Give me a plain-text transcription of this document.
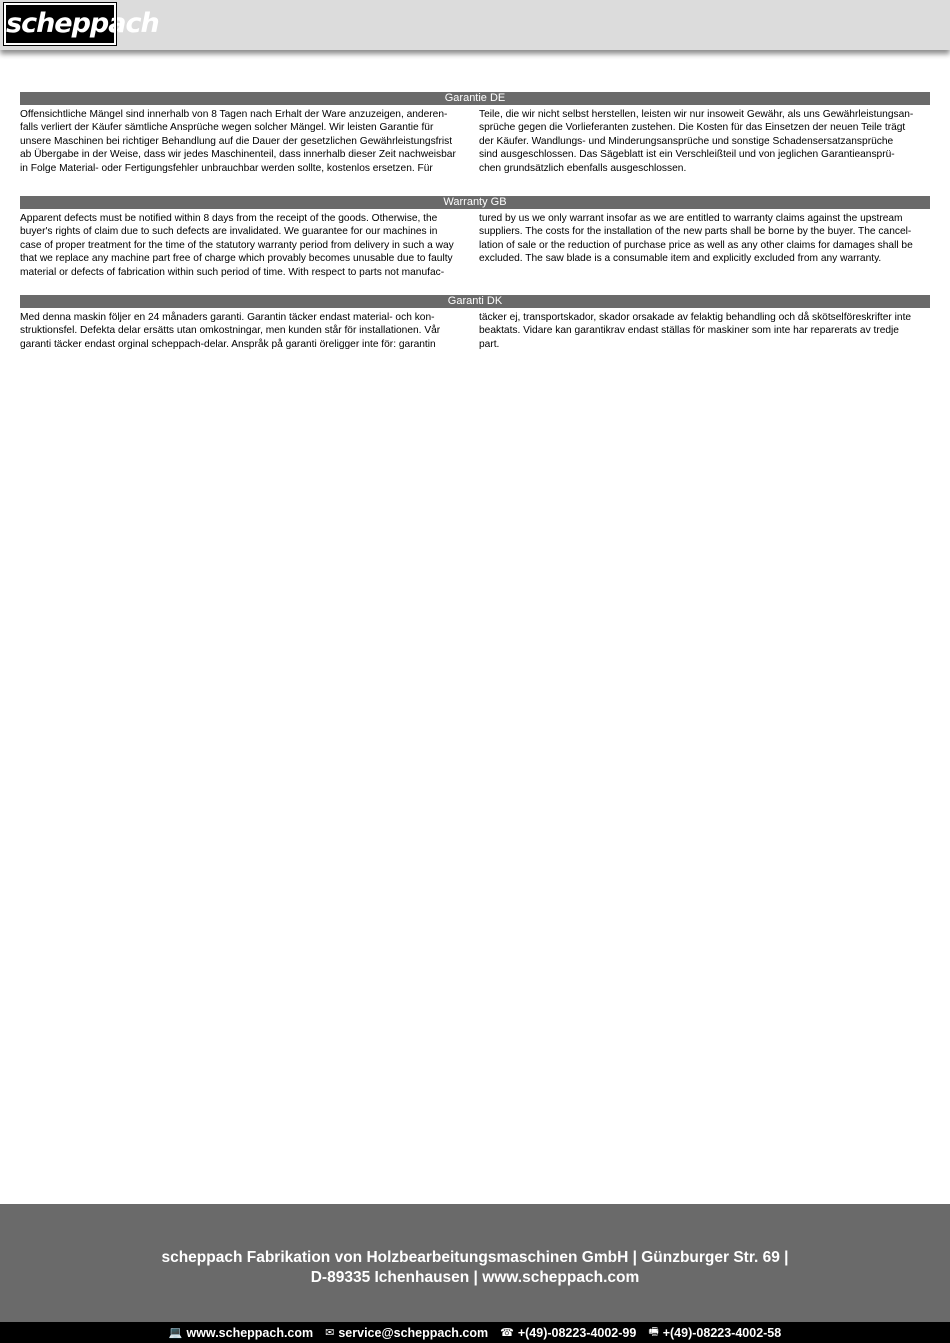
scheppach
Garantie DE
Offensichtliche Mängel sind innerhalb von 8 Tagen nach Erhalt der Ware anzuzeigen, anderen-
falls verliert der Käufer sämtliche Ansprüche wegen solcher Mängel. Wir leisten Garantie für
unsere Maschinen bei richtiger Behandlung auf die Dauer der gesetzlichen Gewährleistungsfrist
ab Übergabe in der Weise, dass wir jedes Maschinenteil, dass innerhalb dieser Zeit nachweisbar
in Folge Material- oder Fertigungsfehler unbrauchbar werden sollte, kostenlos ersetzen. Für
Teile, die wir nicht selbst herstellen, leisten wir nur insoweit Gewähr, als uns Gewährleistungsan-
sprüche gegen die Vorlieferanten zustehen. Die Kosten für das Einsetzen der neuen Teile trägt
der Käufer. Wandlungs- und Minderungsansprüche und sonstige Schadensersatzansprüche
sind ausgeschlossen. Das Sägeblatt ist ein Verschleißteil und von jeglichen Garantieansprü-
chen grundsätzlich ebenfalls ausgeschlossen.
Warranty GB
Apparent defects must be notified within 8 days from the receipt of the goods. Otherwise, the
buyer's rights of claim due to such defects are invalidated. We guarantee for our machines in
case of proper treatment for the time of the statutory warranty period from delivery in such a way
that we replace any machine part free of charge which provably becomes unusable due to faulty
material or defects of fabrication within such period of time. With respect to parts not manufac-
tured by us we only warrant insofar as we are entitled to warranty claims against the upstream
suppliers. The costs for the installation of the new parts shall be borne by the buyer. The cancel-
lation of sale or the reduction of purchase price as well as any other claims for damages shall be
excluded. The saw blade is a consumable item and explicitly excluded from any warranty.
Garanti DK
Med denna maskin följer en 24 månaders garanti. Garantin täcker endast material- och kon-
struktionsfel. Defekta delar ersätts utan omkostningar, men kunden står för installationen. Vår
garanti täcker endast orginal scheppach-delar. Anspråk på garanti öreligger inte för: garantin
täcker ej, transportskador, skador orsakade av felaktig behandling och då skötselföreskrifter inte
beaktats. Vidare kan garantikrav endast ställas för maskiner som inte har reparerats av tredje
part.
scheppach Fabrikation von Holzbearbeitungsmaschinen GmbH | Günzburger Str. 69 |
D-89335 Ichenhausen | www.scheppach.com
💻 www.scheppach.com ✉ service@scheppach.com ☎ +(49)-08223-4002-99 🖷 +(49)-08223-4002-58
